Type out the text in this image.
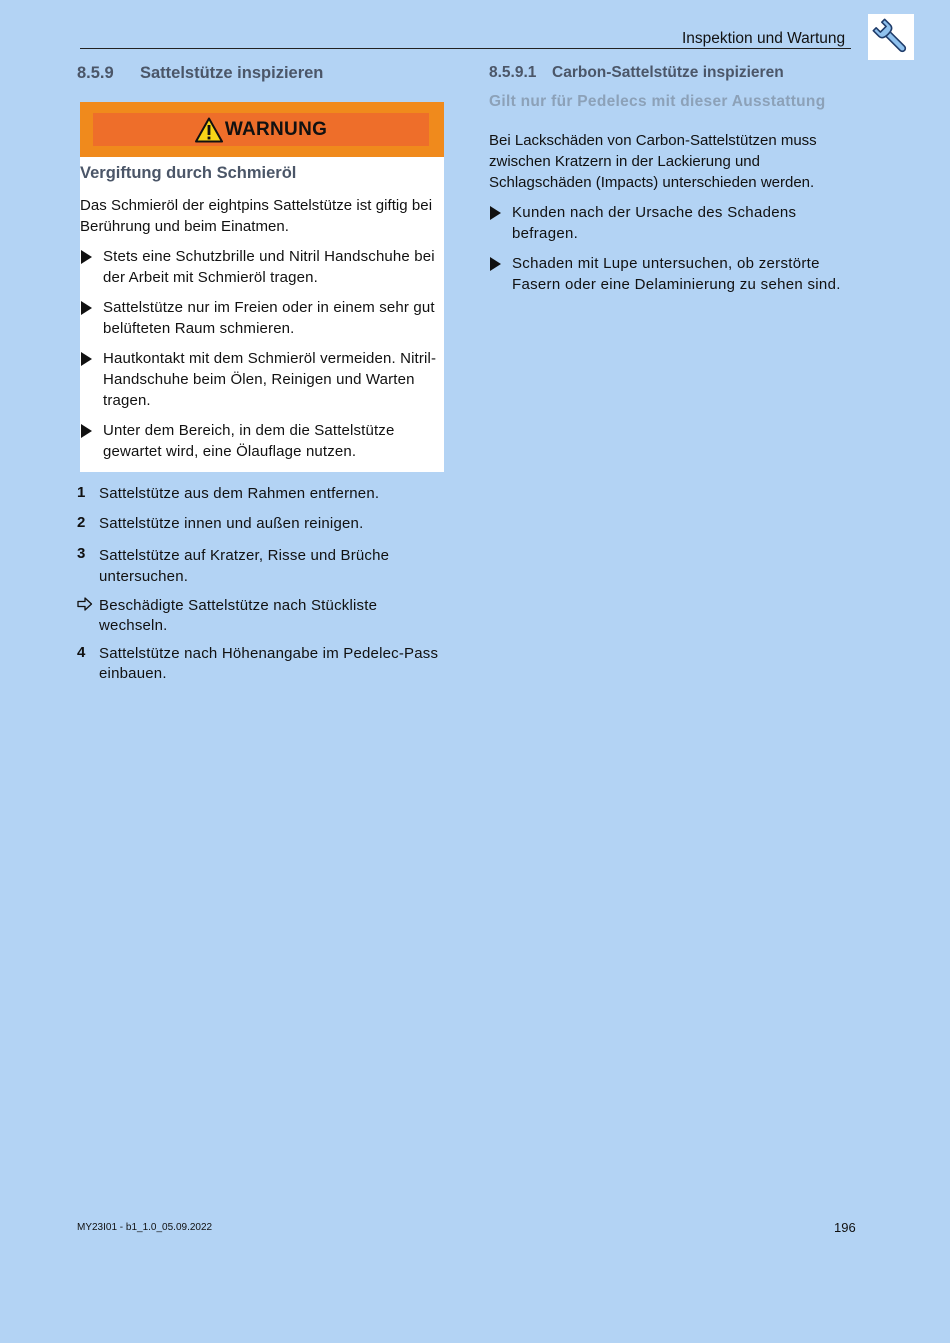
Inspektion und Wartung
8.5.9 Sattelstütze inspizieren
WARNUNG
Vergiftung durch Schmieröl
Das Schmieröl der eightpins Sattelstütze ist giftig bei Berührung und beim Einatmen.
Stets eine Schutzbrille und Nitril Handschuhe bei der Arbeit mit Schmieröl tragen.
Sattelstütze nur im Freien oder in einem sehr gut belüfteten Raum schmieren.
Hautkontakt mit dem Schmieröl vermeiden. Nitril-Handschuhe beim Ölen, Reinigen und Warten tragen.
Unter dem Bereich, in dem die Sattelstütze gewartet wird, eine Ölauflage nutzen.
1 Sattelstütze aus dem Rahmen entfernen.
2 Sattelstütze innen und außen reinigen.
3 Sattelstütze auf Kratzer, Risse und Brüche untersuchen.
Beschädigte Sattelstütze nach Stückliste wechseln.
4 Sattelstütze nach Höhenangabe im Pedelec-Pass einbauen.
8.5.9.1 Carbon-Sattelstütze inspizieren
Gilt nur für Pedelecs mit dieser Ausstattung
Bei Lackschäden von Carbon-Sattelstützen muss zwischen Kratzern in der Lackierung und Schlagschäden (Impacts) unterschieden werden.
Kunden nach der Ursache des Schadens befragen.
Schaden mit Lupe untersuchen, ob zerstörte Fasern oder eine Delaminierung zu sehen sind.
MY23I01 - b1_1.0_05.09.2022	196
